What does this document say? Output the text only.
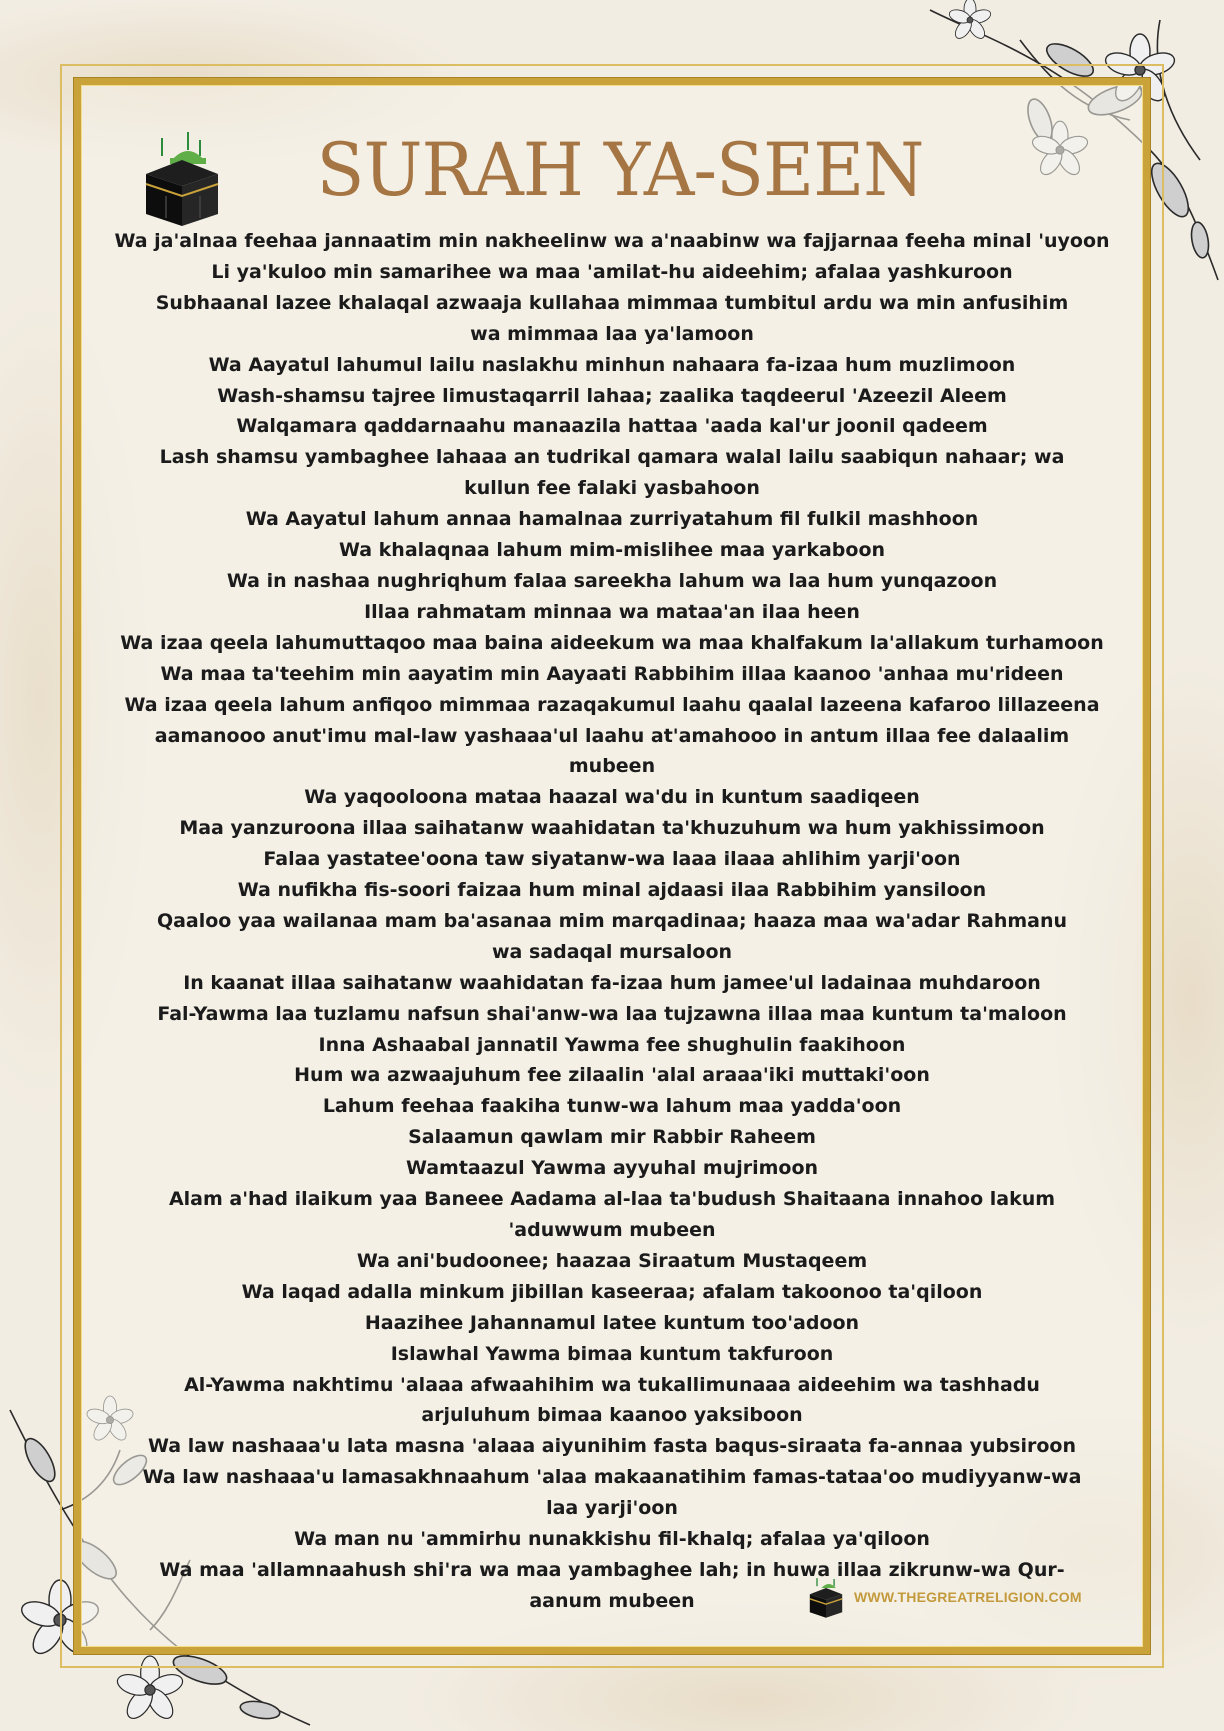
SURAH YA-SEEN
Wa ja'alnaa feehaa jannaatim min nakheelinw wa a'naabinw wa fajjarnaa feeha minal 'uyoon
Li ya'kuloo min samarihee wa maa 'amilat-hu aideehim; afalaa yashkuroon
Subhaanal lazee khalaqal azwaaja kullahaa mimmaa tumbitul ardu wa min anfusihim wa mimmaa laa ya'lamoon
Wa Aayatul lahumul lailu naslakhu minhun nahaara fa-izaa hum muzlimoon
Wash-shamsu tajree limustaqarril lahaa; zaalika taqdeerul 'Azeezil Aleem
Walqamara qaddarnaahu manaazila hattaa 'aada kal'ur joonil qadeem
Lash shamsu yambaghee lahaaa an tudrikal qamara walal lailu saabiqun nahaar; wa kullun fee falaki yasbahoon
Wa Aayatul lahum annaa hamalnaa zurriyatahum fil fulkil mashhoon
Wa khalaqnaa lahum mim-mislihee maa yarkaboon
Wa in nashaa nughriqhum falaa sareekha lahum wa laa hum yunqazoon
Illaa rahmatam minnaa wa mataa'an ilaa heen
Wa izaa qeela lahumuttaqoo maa baina aideekum wa maa khalfakum la'allakum turhamoon
Wa maa ta'teehim min aayatim min Aayaati Rabbihim illaa kaanoo 'anhaa mu'rideen
Wa izaa qeela lahum anfiqoo mimmaa razaqakumul laahu qaalal lazeena kafaroo lillazeena aamanooo anut'imu mal-law yashaaa'ul laahu at'amahooo in antum illaa fee dalaalim mubeen
Wa yaqooloona mataa haazal wa'du in kuntum saadiqeen
Maa yanzuroona illaa saihatanw waahidatan ta'khuzuhum wa hum yakhissimoon
Falaa yastatee'oona taw siyatanw-wa laaa ilaaa ahlihim yarji'oon
Wa nufikha fis-soori faizaa hum minal ajdaasi ilaa Rabbihim yansiloon
Qaaloo yaa wailanaa mam ba'asanaa mim marqadinaa; haaza maa wa'adar Rahmanu wa sadaqal mursaloon
In kaanat illaa saihatanw waahidatan fa-izaa hum jamee'ul ladainaa muhdaroon
Fal-Yawma laa tuzlamu nafsun shai'anw-wa laa tujzawna illaa maa kuntum ta'maloon
Inna Ashaabal jannatil Yawma fee shughulin faakihoon
Hum wa azwaajuhum fee zilaalin 'alal araaa'iki muttaki'oon
Lahum feehaa faakiha tunw-wa lahum maa yadda'oon
Salaamun qawlam mir Rabbir Raheem
Wamtaazul Yawma ayyuhal mujrimoon
Alam a'had ilaikum yaa Baneee Aadama al-laa ta'budush Shaitaana innahoo lakum 'aduwwum mubeen
Wa ani'budoonee; haazaa Siraatum Mustaqeem
Wa laqad adalla minkum jibillan kaseeraa; afalam takoonoo ta'qiloon
Haazihee Jahannamul latee kuntum too'adoon
Islawhal Yawma bimaa kuntum takfuroon
Al-Yawma nakhtimu 'alaaa afwaahihim wa tukallimunaaa aideehim wa tashhadu arjuluhum bimaa kaanoo yaksiboon
Wa law nashaaa'u lata masna 'alaaa aiyunihim fasta baqus-siraata fa-annaa yubsiroon
Wa law nashaaa'u lamasakhnaahum 'alaa makaanatihim famas-tataa'oo mudiyyanw-wa laa yarji'oon
Wa man nu 'ammirhu nunakkishu fil-khalq; afalaa ya'qiloon
Wa maa 'allamnaahush shi'ra wa maa yambaghee lah; in huwa illaa zikrunw-wa Qur-aanum mubeen	WWW.THEGREATRELIGION.COM
